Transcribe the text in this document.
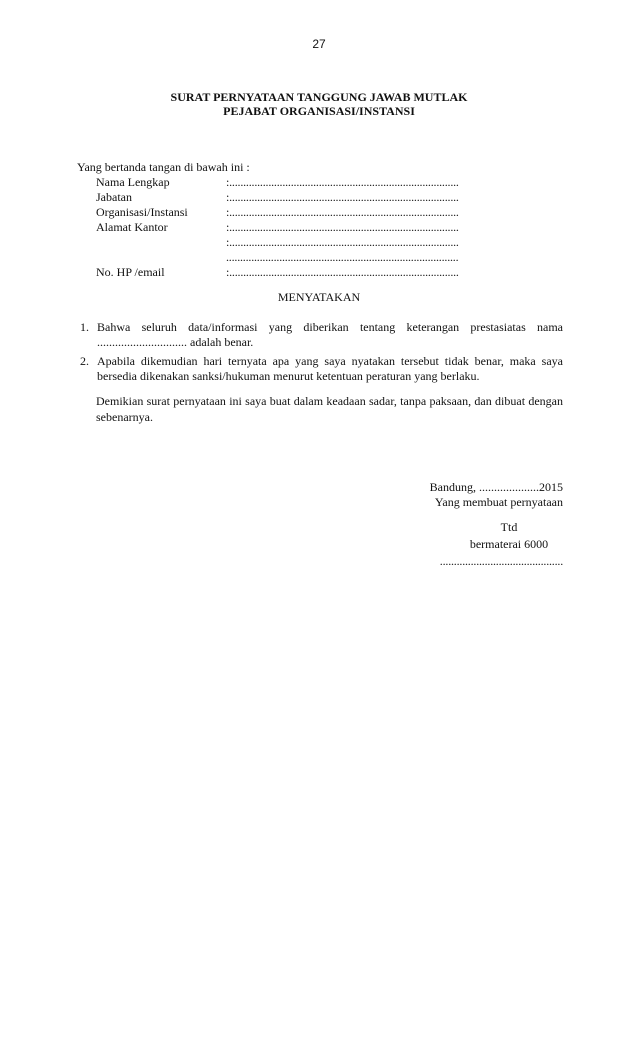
27
SURAT PERNYATAAN TANGGUNG JAWAB MUTLAK
PEJABAT ORGANISASI/INSTANSI
Yang bertanda tangan di bawah ini :
Nama Lengkap	:..................................................................................
Jabatan	:..................................................................................
Organisasi/Instansi	:..................................................................................
Alamat Kantor	:..................................................................................
:..................................................................................
...................................................................................
No. HP /email	:..................................................................................
MENYATAKAN
1. Bahwa seluruh data/informasi yang diberikan tentang keterangan prestasiatas nama .............................. adalah benar.
2. Apabila dikemudian hari ternyata apa yang saya nyatakan tersebut tidak benar, maka saya bersedia dikenakan sanksi/hukuman menurut ketentuan peraturan yang berlaku.
Demikian surat pernyataan ini saya buat dalam keadaan sadar, tanpa paksaan, dan dibuat dengan sebenarnya.
Bandung, ....................2015
Yang membuat pernyataan
Ttd
bermaterai 6000
............................................
